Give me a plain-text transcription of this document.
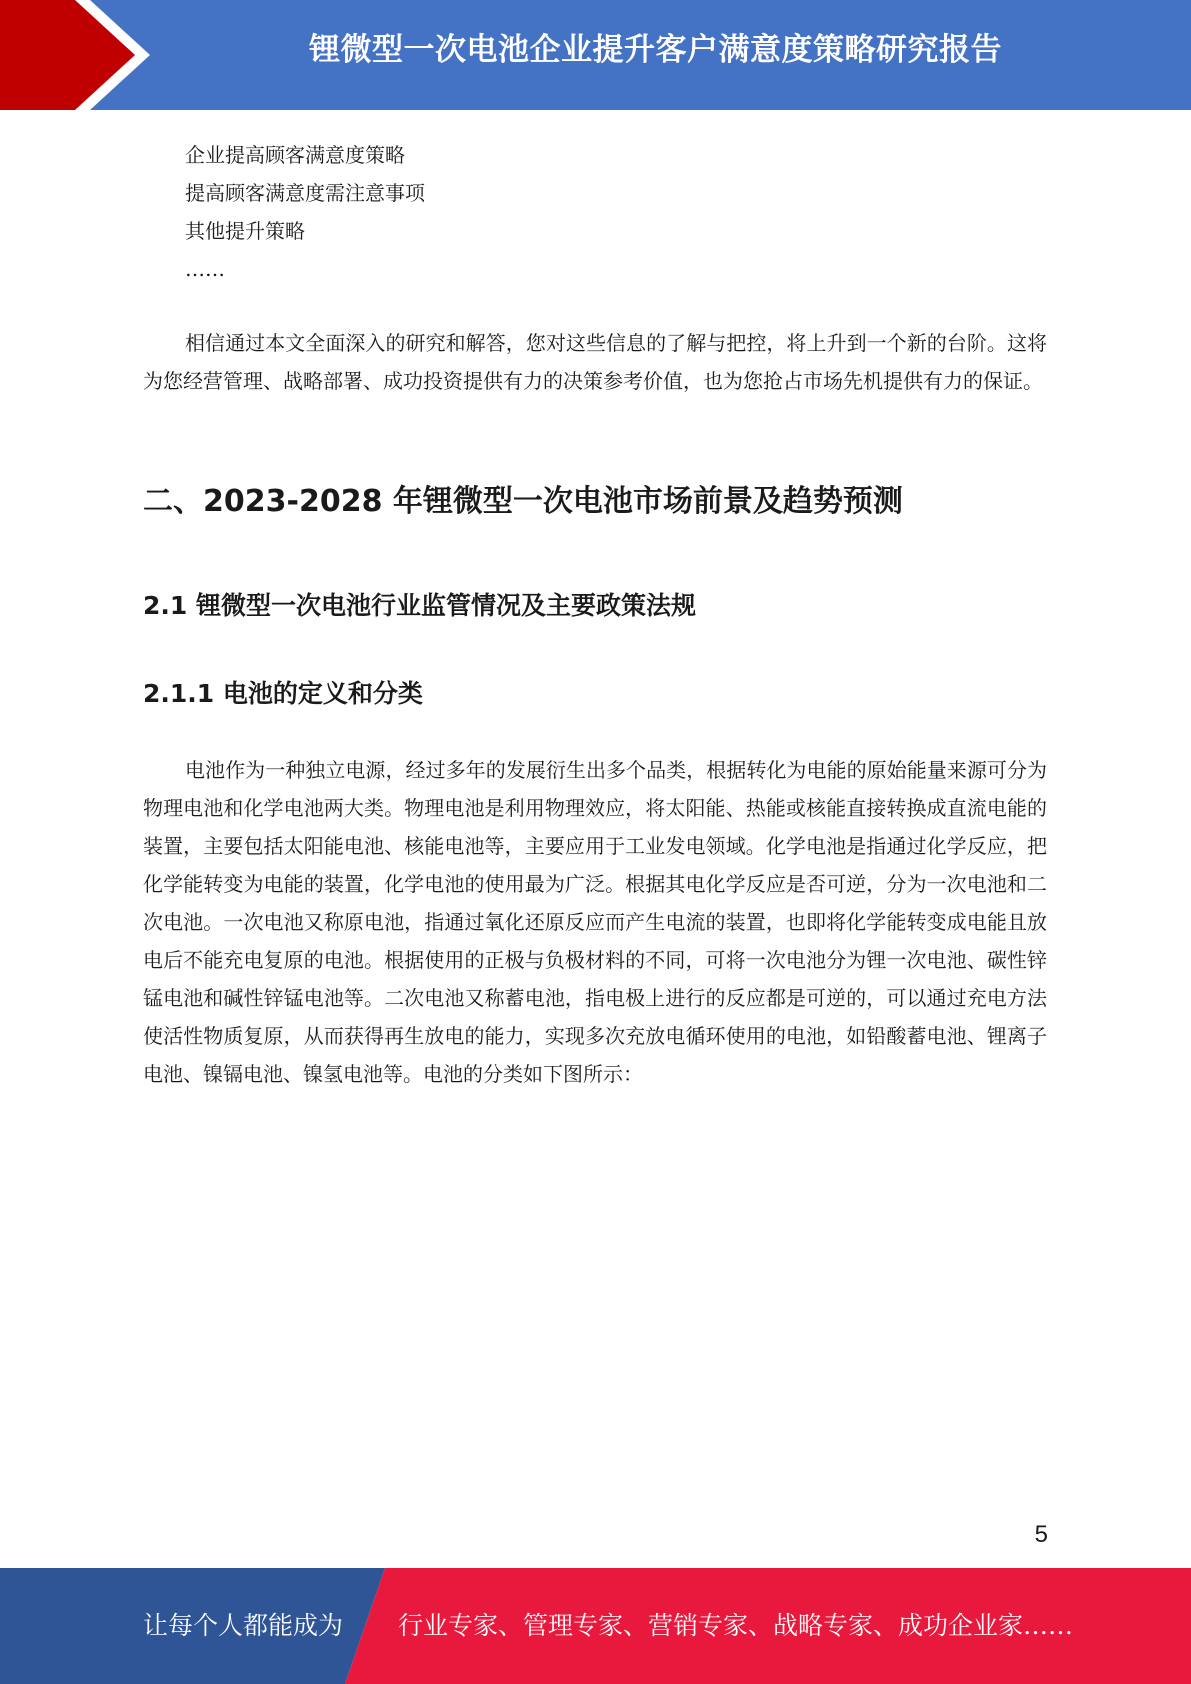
锂微型一次电池企业提升客户满意度策略研究报告
企业提高顾客满意度策略
提高顾客满意度需注意事项
其他提升策略
……

相信通过本文全面深入的研究和解答，您对这些信息的了解与把控，将上升到一个新的台阶。这将为您经营管理、战略部署、成功投资提供有力的决策参考价值，也为您抢占市场先机提供有力的保证。

二、2023-2028 年锂微型一次电池市场前景及趋势预测
2.1 锂微型一次电池行业监管情况及主要政策法规
2.1.1 电池的定义和分类

电池作为一种独立电源，经过多年的发展衍生出多个品类，根据转化为电能的原始能量来源可分为物理电池和化学电池两大类。物理电池是利用物理效应，将太阳能、热能或核能直接转换成直流电能的装置，主要包括太阳能电池、核能电池等，主要应用于工业发电领域。化学电池是指通过化学反应，把化学能转变为电能的装置，化学电池的使用最为广泛。根据其电化学反应是否可逆，分为一次电池和二次电池。一次电池又称原电池，指通过氧化还原反应而产生电流的装置，也即将化学能转变成电能且放电后不能充电复原的电池。根据使用的正极与负极材料的不同，可将一次电池分为锂一次电池、碳性锌锰电池和碱性锌锰电池等。二次电池又称蓄电池，指电极上进行的反应都是可逆的，可以通过充电方法使活性物质复原，从而获得再生放电的能力，实现多次充放电循环使用的电池，如铅酸蓄电池、锂离子电池、镍镉电池、镍氢电池等。电池的分类如下图所示：

5
让每个人都能成为 行业专家、管理专家、营销专家、战略专家、成功企业家……
